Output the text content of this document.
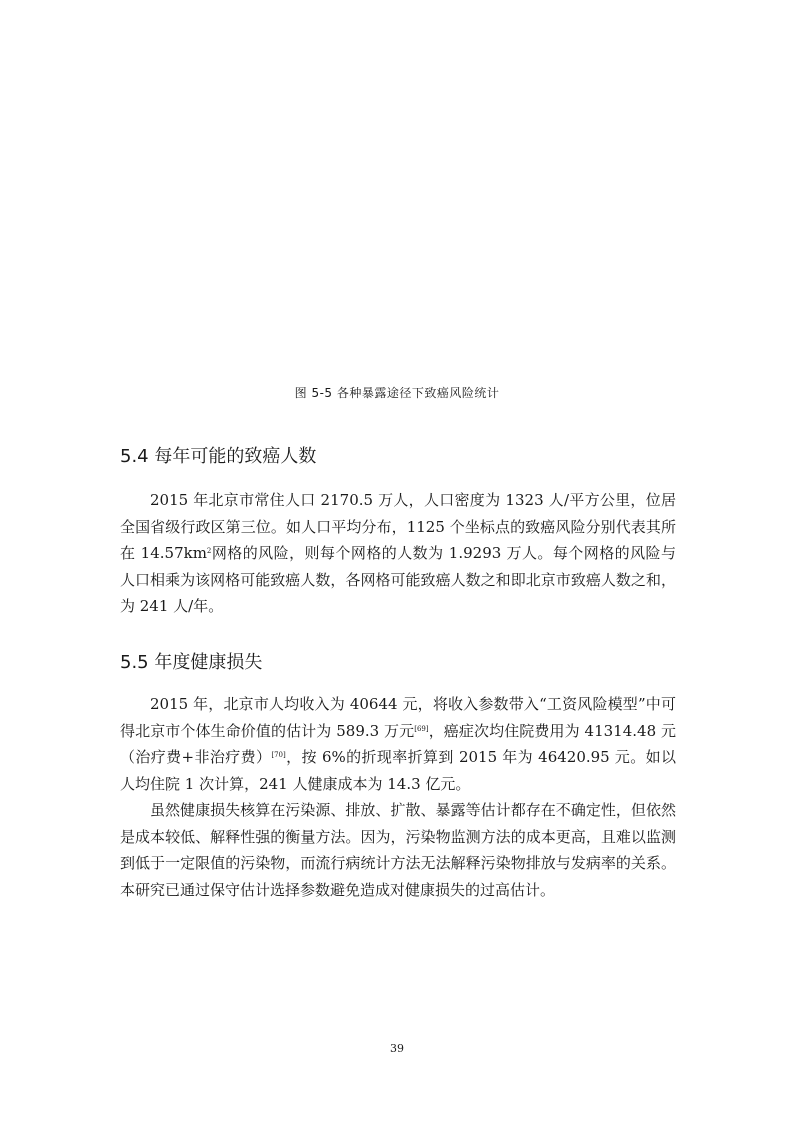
图 5-5 各种暴露途径下致癌风险统计
5.4 每年可能的致癌人数

2015 年北京市常住人口 2170.5 万人，人口密度为 1323 人/平方公里，位居全国省级行政区第三位。如人口平均分布，1125 个坐标点的致癌风险分别代表其所在 $14.57km^2$网格的风险，则每个网格的人数为 1.9293 万人。每个网格的风险与人口相乘为该网格可能致癌人数，各网格可能致癌人数之和即北京市致癌人数之和，为 241 人/年。

5.5 年度健康损失

2015 年，北京市人均收入为 40644 元，将收入参数带入“工资风险模型”中可得北京市个体生命价值的估计为 589.3 万元[69]，癌症次均住院费用为 41314.48 元（治疗费+非治疗费）[70]，按 6%的折现率折算到 2015 年为 46420.95 元。如以人均住院 1 次计算，241 人健康成本为 14.3 亿元。

虽然健康损失核算在污染源、排放、扩散、暴露等估计都存在不确定性，但依然是成本较低、解释性强的衡量方法。因为，污染物监测方法的成本更高，且难以监测到低于一定限值的污染物，而流行病统计方法无法解释污染物排放与发病率的关系。本研究已通过保守估计选择参数避免造成对健康损失的过高估计。

39
